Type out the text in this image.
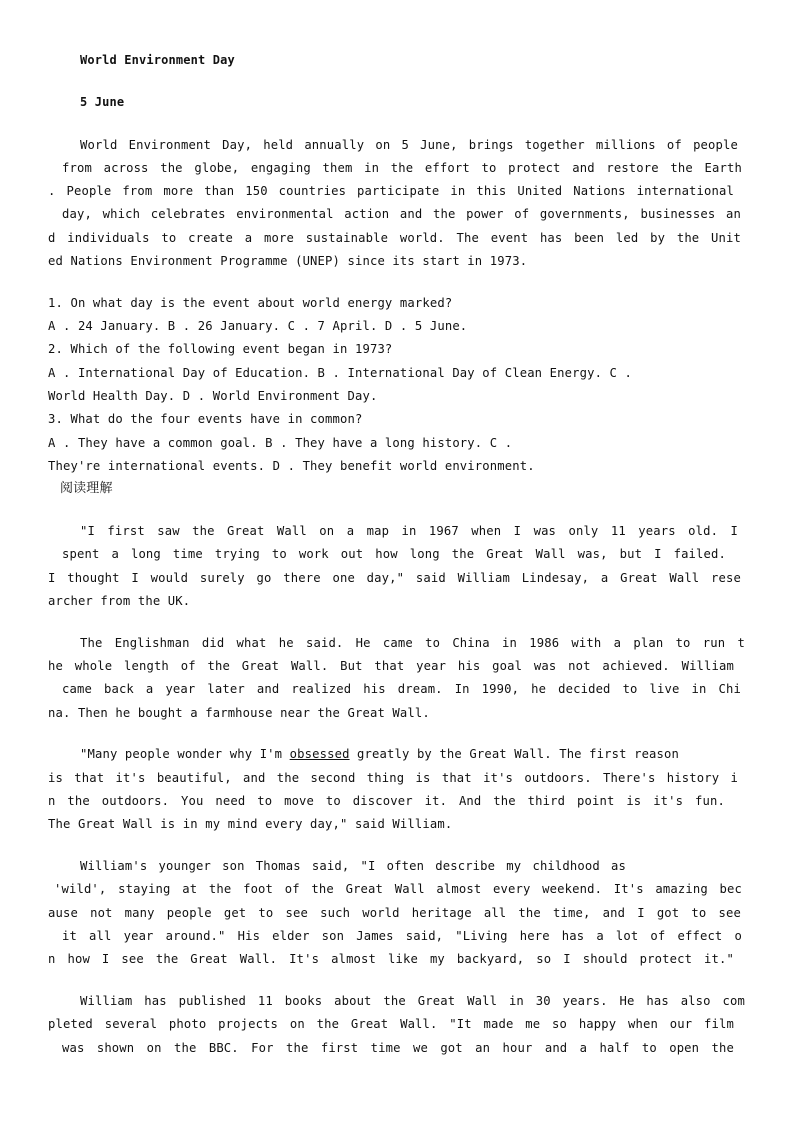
World Environment Day
5 June
World Environment Day, held annually on 5 June, brings together millions of people
from across the globe, engaging them in the effort to protect and restore the Earth
. People from more than 150 countries participate in this United Nations international
day, which celebrates environmental action and the power of governments, businesses an
d individuals to create a more sustainable world. The event has been led by the Unit
ed Nations Environment Programme (UNEP) since its start in 1973.
1. On what day is the event about world energy marked?
A . 24 January. B . 26 January. C . 7 April. D . 5 June.
2. Which of the following event began in 1973?
A . International Day of Education. B . International Day of Clean Energy. C .
World Health Day. D . World Environment Day.
3. What do the four events have in common?
A . They have a common goal. B . They have a long history. C .
They're international events. D . They benefit world environment.
阅读理解
"I first saw the Great Wall on a map in 1967 when I was only 11 years old. I
spent a long time trying to work out how long the Great Wall was, but I failed.
I thought I would surely go there one day," said William Lindesay, a Great Wall rese
archer from the UK.
The Englishman did what he said. He came to China in 1986 with a plan to run t
he whole length of the Great Wall. But that year his goal was not achieved. William
came back a year later and realized his dream. In 1990, he decided to live in Chi
na. Then he bought a farmhouse near the Great Wall.
"Many people wonder why I'm obsessed greatly by the Great Wall. The first reason
is that it's beautiful, and the second thing is that it's outdoors. There's history i
n the outdoors. You need to move to discover it. And the third point is it's fun.
The Great Wall is in my mind every day," said William.
William's younger son Thomas said, "I often describe my childhood as
'wild', staying at the foot of the Great Wall almost every weekend. It's amazing bec
ause not many people get to see such world heritage all the time, and I got to see
it all year around." His elder son James said, "Living here has a lot of effect o
n how I see the Great Wall. It's almost like my backyard, so I should protect it."
William has published 11 books about the Great Wall in 30 years. He has also com
pleted several photo projects on the Great Wall. "It made me so happy when our film
was shown on the BBC. For the first time we got an hour and a half to open the
